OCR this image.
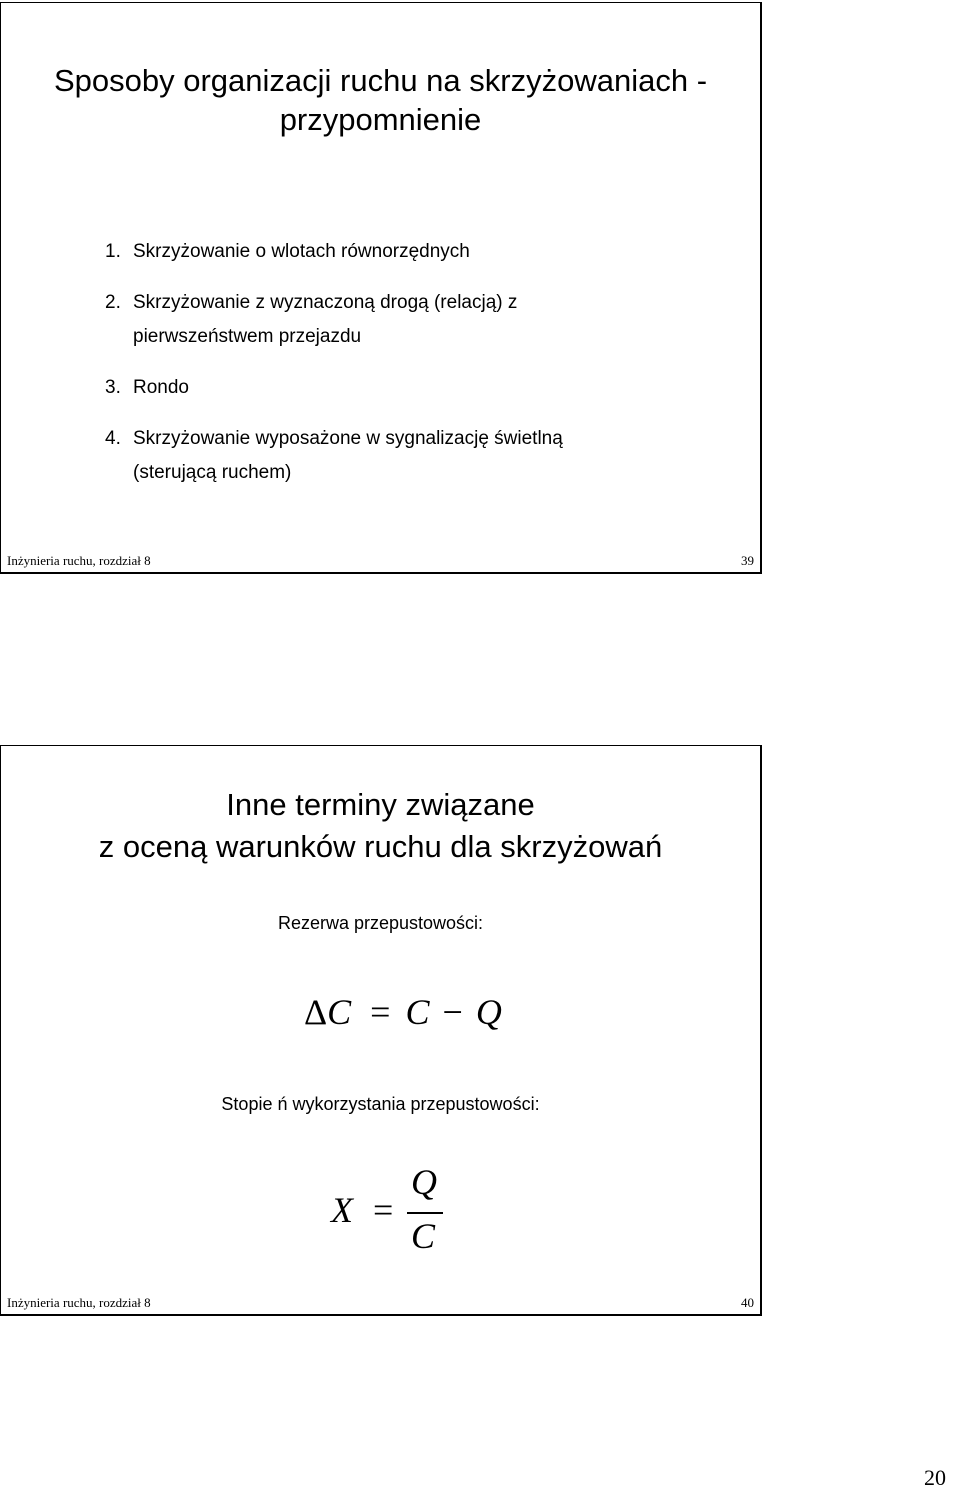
Sposoby organizacji ruchu na skrzyżowaniach - przypomnienie
1. Skrzyżowanie o wlotach równorzędnych
2. Skrzyżowanie z wyznaczoną drogą (relacją) z
pierwszeństwem przejazdu
3. Rondo
4. Skrzyżowanie wyposażone w sygnalizację świetlną
(sterującą ruchem)
Inżynieria ruchu, rozdział 8	39
Inne terminy związane
z oceną warunków ruchu dla skrzyżowań
Rezerwa przepustowości:
ΔC = C − Q
Stopie ń wykorzystania przepustowości:
X =
Q
C
Inżynieria ruchu, rozdział 8	40
20
